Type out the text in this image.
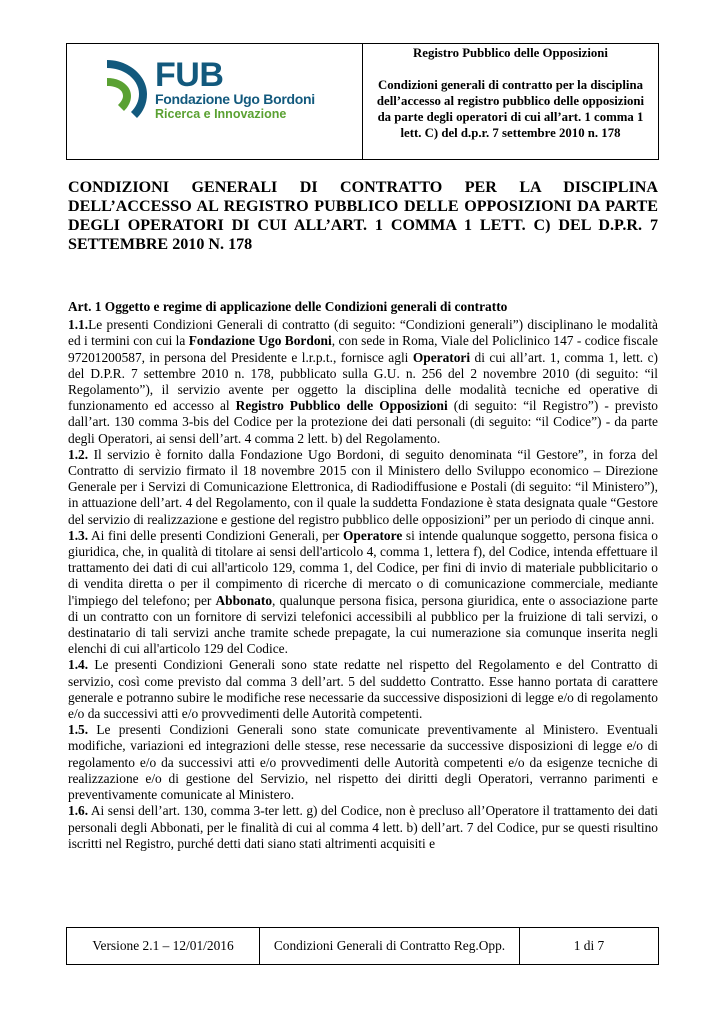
FUB
Fondazione Ugo Bordoni
Ricerca e Innovazione
Registro Pubblico delle Opposizioni
Condizioni generali di contratto per la disciplina dell’accesso al registro pubblico delle opposizioni da parte degli operatori di cui all’art. 1 comma 1 lett. C) del d.p.r. 7 settembre 2010 n. 178
CONDIZIONI GENERALI DI CONTRATTO PER LA DISCIPLINA DELL’ACCESSO AL REGISTRO PUBBLICO DELLE OPPOSIZIONI DA PARTE DEGLI OPERATORI DI CUI ALL’ART. 1 COMMA 1 LETT. C) DEL D.P.R. 7 SETTEMBRE 2010 N. 178

Art. 1 Oggetto e regime di applicazione delle Condizioni generali di contratto

1.1.Le presenti Condizioni Generali di contratto (di seguito: “Condizioni generali”) disciplinano le modalità ed i termini con cui la Fondazione Ugo Bordoni, con sede in Roma, Viale del Policlinico 147 - codice fiscale 97201200587, in persona del Presidente e l.r.p.t., fornisce agli Operatori di cui all’art. 1, comma 1, lett. c) del D.P.R. 7 settembre 2010 n. 178, pubblicato sulla G.U. n. 256 del 2 novembre 2010 (di seguito: “il Regolamento”), il servizio avente per oggetto la disciplina delle modalità tecniche ed operative di funzionamento ed accesso al Registro Pubblico delle Opposizioni (di seguito: “il Registro”) - previsto dall’art. 130 comma 3-bis del Codice per la protezione dei dati personali (di seguito: “il Codice”) - da parte degli Operatori, ai sensi dell’art. 4 comma 2 lett. b) del Regolamento.

1.2. Il servizio è fornito dalla Fondazione Ugo Bordoni, di seguito denominata “il Gestore”, in forza del Contratto di servizio firmato il 18 novembre 2015 con il Ministero dello Sviluppo economico – Direzione Generale per i Servizi di Comunicazione Elettronica, di Radiodiffusione e Postali (di seguito: “il Ministero”), in attuazione dell’art. 4 del Regolamento, con il quale la suddetta Fondazione è stata designata quale “Gestore del servizio di realizzazione e gestione del registro pubblico delle opposizioni” per un periodo di cinque anni.

1.3. Ai fini delle presenti Condizioni Generali, per Operatore si intende qualunque soggetto, persona fisica o giuridica, che, in qualità di titolare ai sensi dell'articolo 4, comma 1, lettera f), del Codice, intenda effettuare il trattamento dei dati di cui all'articolo 129, comma 1, del Codice, per fini di invio di materiale pubblicitario o di vendita diretta o per il compimento di ricerche di mercato o di comunicazione commerciale, mediante l'impiego del telefono; per Abbonato, qualunque persona fisica, persona giuridica, ente o associazione parte di un contratto con un fornitore di servizi telefonici accessibili al pubblico per la fruizione di tali servizi, o destinatario di tali servizi anche tramite schede prepagate, la cui numerazione sia comunque inserita negli elenchi di cui all'articolo 129 del Codice.

1.4. Le presenti Condizioni Generali sono state redatte nel rispetto del Regolamento e del Contratto di servizio, così come previsto dal comma 3 dell’art. 5 del suddetto Contratto. Esse hanno portata di carattere generale e potranno subire le modifiche rese necessarie da successive disposizioni di legge e/o di regolamento e/o da successivi atti e/o provvedimenti delle Autorità competenti.

1.5. Le presenti Condizioni Generali sono state comunicate preventivamente al Ministero. Eventuali modifiche, variazioni ed integrazioni delle stesse, rese necessarie da successive disposizioni di legge e/o di regolamento e/o da successivi atti e/o provvedimenti delle Autorità competenti e/o da esigenze tecniche di realizzazione e/o di gestione del Servizio, nel rispetto dei diritti degli Operatori, verranno parimenti e preventivamente comunicate al Ministero.

1.6. Ai sensi dell’art. 130, comma 3-ter lett. g) del Codice, non è precluso all’Operatore il trattamento dei dati personali degli Abbonati, per le finalità di cui al comma 4 lett. b) dell’art. 7 del Codice, pur se questi risultino iscritti nel Registro, purché detti dati siano stati altrimenti acquisiti e

Versione 2.1 – 12/01/2016	Condizioni Generali di Contratto Reg.Opp.	1 di 7
